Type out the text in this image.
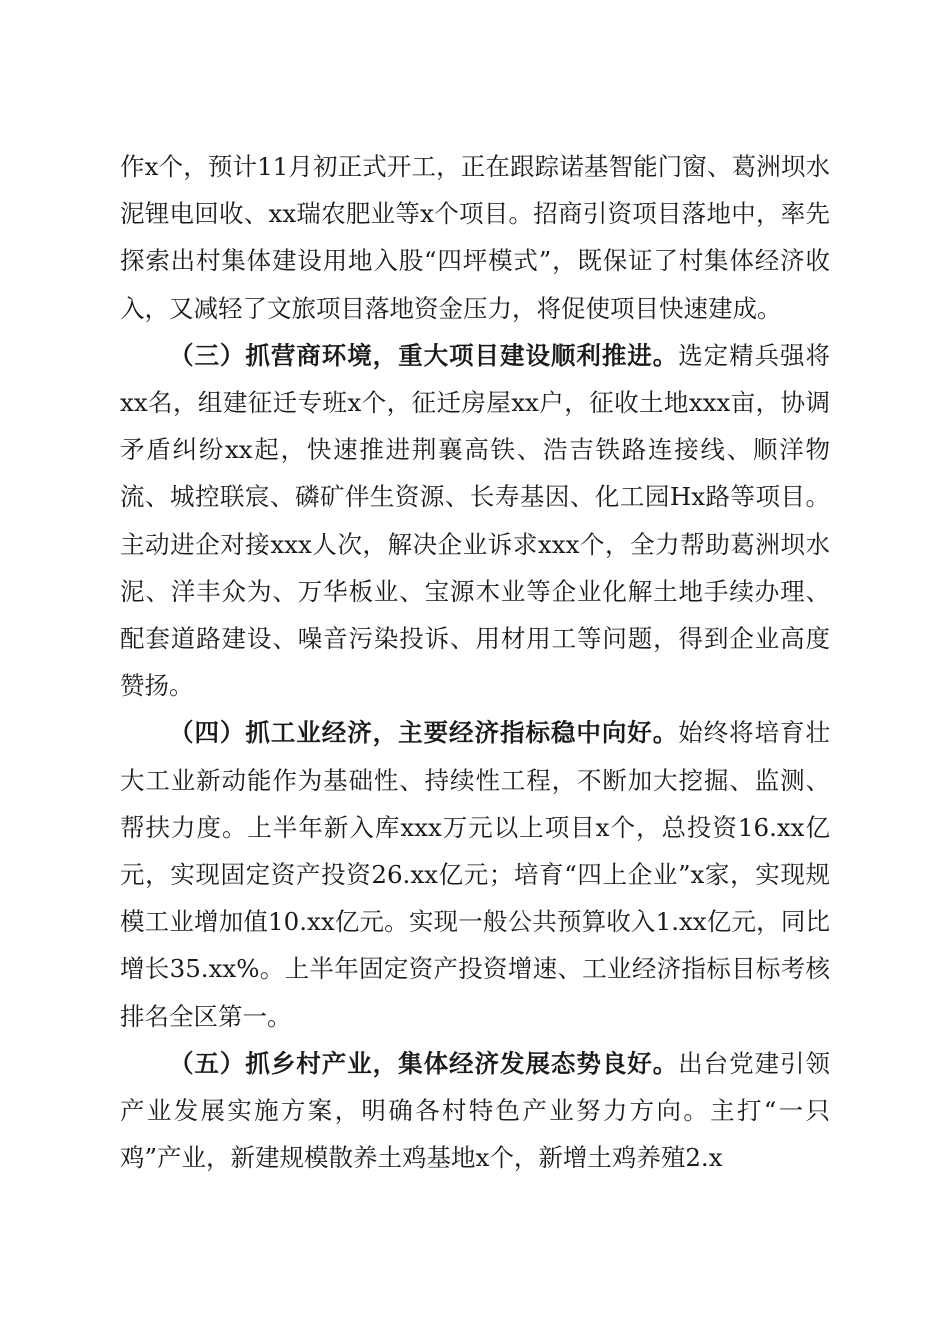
作x个，预计11月初正式开工，正在跟踪诺基智能门窗、葛洲坝水泥锂电回收、xx瑞农肥业等x个项目。招商引资项目落地中，率先探索出村集体建设用地入股“四坪模式”，既保证了村集体经济收入，又减轻了文旅项目落地资金压力，将促使项目快速建成。

（三）抓营商环境，重大项目建设顺利推进。选定精兵强将xx名，组建征迁专班x个，征迁房屋xx户，征收土地xxx亩，协调矛盾纠纷xx起，快速推进荆襄高铁、浩吉铁路连接线、顺洋物流、城控联宸、磷矿伴生资源、长寿基因、化工园Hx路等项目。主动进企对接xxx人次，解决企业诉求xxx个，全力帮助葛洲坝水泥、洋丰众为、万华板业、宝源木业等企业化解土地手续办理、配套道路建设、噪音污染投诉、用材用工等问题，得到企业高度赞扬。

（四）抓工业经济，主要经济指标稳中向好。始终将培育壮大工业新动能作为基础性、持续性工程，不断加大挖掘、监测、帮扶力度。上半年新入库xxx万元以上项目x个，总投资16.xx亿元，实现固定资产投资26.xx亿元；培育“四上企业”x家，实现规模工业增加值10.xx亿元。实现一般公共预算收入1.xx亿元，同比增长35.xx%。上半年固定资产投资增速、工业经济指标目标考核排名全区第一。

（五）抓乡村产业，集体经济发展态势良好。出台党建引领产业发展实施方案，明确各村特色产业努力方向。主打“一只鸡”产业，新建规模散养土鸡基地x个，新增土鸡养殖2.x
